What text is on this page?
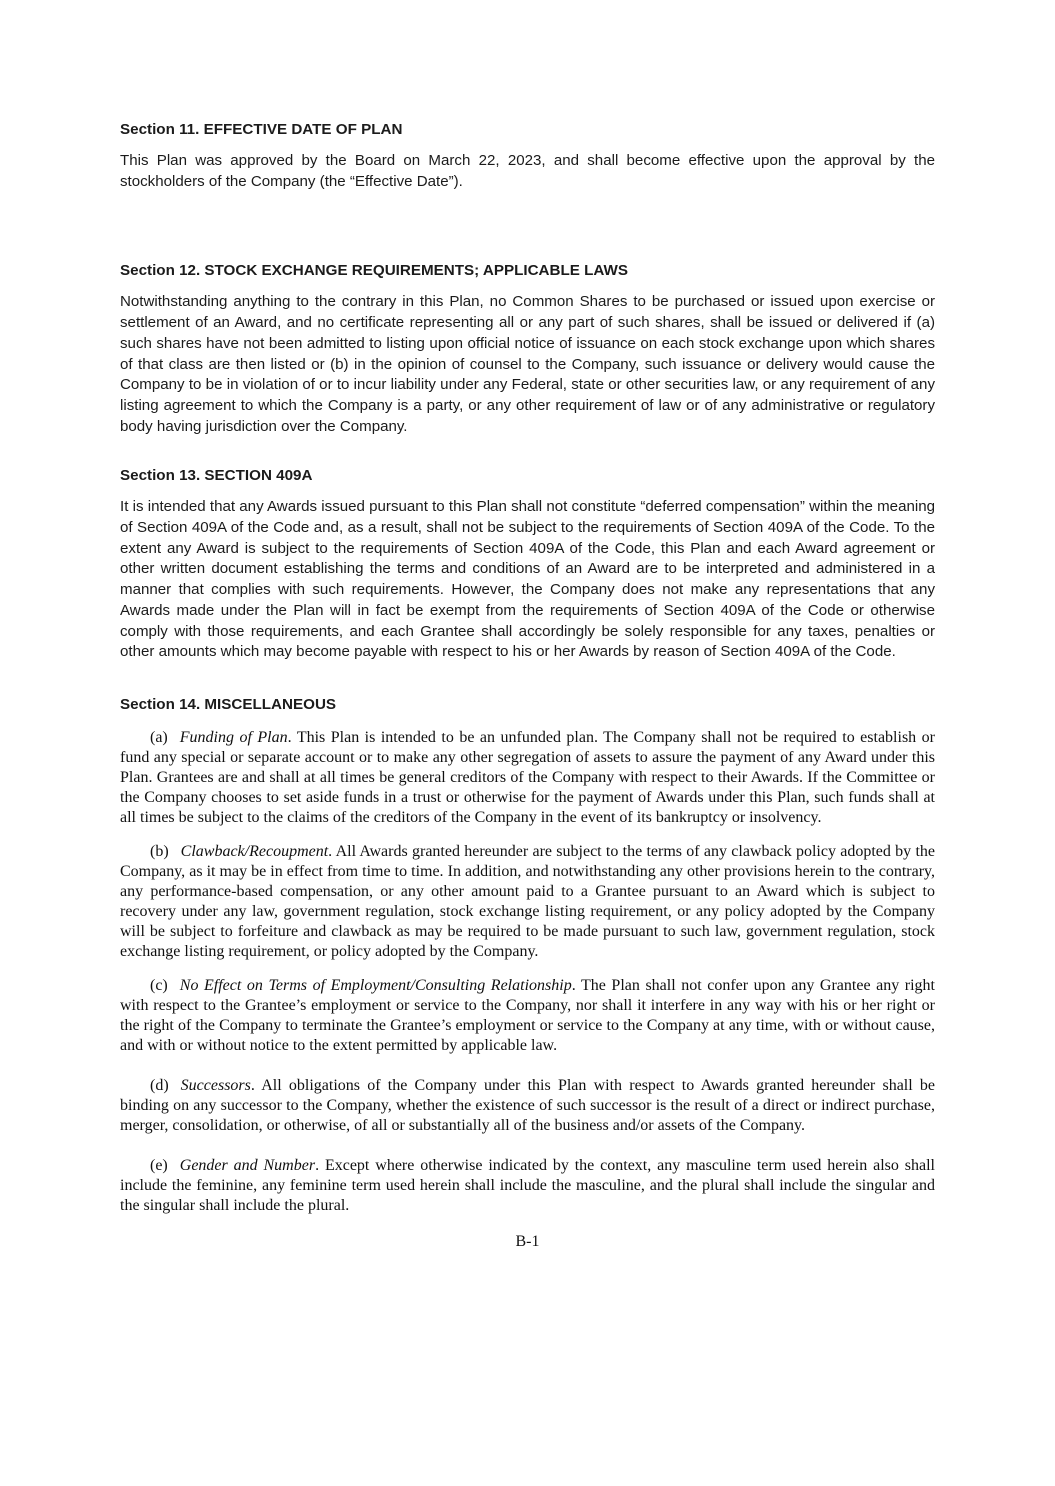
Section 11. EFFECTIVE DATE OF PLAN

This Plan was approved by the Board on March 22, 2023, and shall become effective upon the approval by the stockholders of the Company (the “Effective Date”).

Section 12. STOCK EXCHANGE REQUIREMENTS; APPLICABLE LAWS

Notwithstanding anything to the contrary in this Plan, no Common Shares to be purchased or issued upon exercise or settlement of an Award, and no certificate representing all or any part of such shares, shall be issued or delivered if (a) such shares have not been admitted to listing upon official notice of issuance on each stock exchange upon which shares of that class are then listed or (b) in the opinion of counsel to the Company, such issuance or delivery would cause the Company to be in violation of or to incur liability under any Federal, state or other securities law, or any requirement of any listing agreement to which the Company is a party, or any other requirement of law or of any administrative or regulatory body having jurisdiction over the Company.

Section 13. SECTION 409A

It is intended that any Awards issued pursuant to this Plan shall not constitute “deferred compensation” within the meaning of Section 409A of the Code and, as a result, shall not be subject to the requirements of Section 409A of the Code. To the extent any Award is subject to the requirements of Section 409A of the Code, this Plan and each Award agreement or other written document establishing the terms and conditions of an Award are to be interpreted and administered in a manner that complies with such requirements. However, the Company does not make any representations that any Awards made under the Plan will in fact be exempt from the requirements of Section 409A of the Code or otherwise comply with those requirements, and each Grantee shall accordingly be solely responsible for any taxes, penalties or other amounts which may become payable with respect to his or her Awards by reason of Section 409A of the Code.

Section 14. MISCELLANEOUS

(a) Funding of Plan. This Plan is intended to be an unfunded plan. The Company shall not be required to establish or fund any special or separate account or to make any other segregation of assets to assure the payment of any Award under this Plan. Grantees are and shall at all times be general creditors of the Company with respect to their Awards. If the Committee or the Company chooses to set aside funds in a trust or otherwise for the payment of Awards under this Plan, such funds shall at all times be subject to the claims of the creditors of the Company in the event of its bankruptcy or insolvency.

(b) Clawback/Recoupment. All Awards granted hereunder are subject to the terms of any clawback policy adopted by the Company, as it may be in effect from time to time. In addition, and notwithstanding any other provisions herein to the contrary, any performance-based compensation, or any other amount paid to a Grantee pursuant to an Award which is subject to recovery under any law, government regulation, stock exchange listing requirement, or any policy adopted by the Company will be subject to forfeiture and clawback as may be required to be made pursuant to such law, government regulation, stock exchange listing requirement, or policy adopted by the Company.

(c) No Effect on Terms of Employment/Consulting Relationship. The Plan shall not confer upon any Grantee any right with respect to the Grantee’s employment or service to the Company, nor shall it interfere in any way with his or her right or the right of the Company to terminate the Grantee’s employment or service to the Company at any time, with or without cause, and with or without notice to the extent permitted by applicable law.

(d) Successors. All obligations of the Company under this Plan with respect to Awards granted hereunder shall be binding on any successor to the Company, whether the existence of such successor is the result of a direct or indirect purchase, merger, consolidation, or otherwise, of all or substantially all of the business and/or assets of the Company.

(e) Gender and Number. Except where otherwise indicated by the context, any masculine term used herein also shall include the feminine, any feminine term used herein shall include the masculine, and the plural shall include the singular and the singular shall include the plural.

B-1
